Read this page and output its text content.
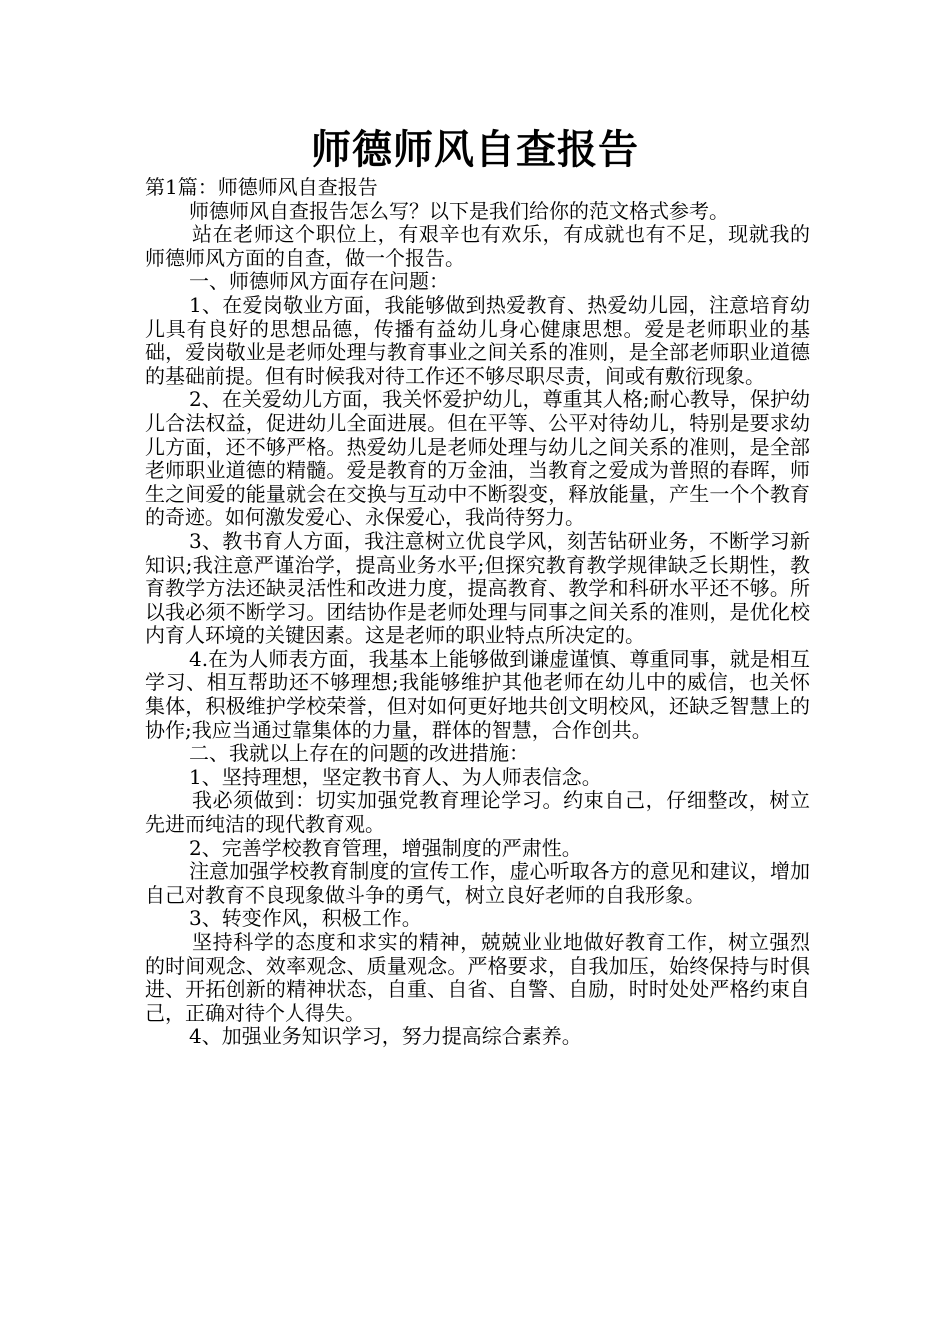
师德师风自查报告

第1篇：师德师风自查报告

师德师风自查报告怎么写？以下是我们给你的范文格式参考。

站在老师这个职位上，有艰辛也有欢乐，有成就也有不足，现就我的师德师风方面的自查，做一个报告。

一、师德师风方面存在问题：

1、在爱岗敬业方面，我能够做到热爱教育、热爱幼儿园，注意培育幼儿具有良好的思想品德，传播有益幼儿身心健康思想。爱是老师职业的基础，爱岗敬业是老师处理与教育事业之间关系的准则，是全部老师职业道德的基础前提。但有时候我对待工作还不够尽职尽责，间或有敷衍现象。

2、在关爱幼儿方面，我关怀爱护幼儿，尊重其人格;耐心教导，保护幼儿合法权益，促进幼儿全面进展。但在平等、公平对待幼儿，特别是要求幼儿方面，还不够严格。热爱幼儿是老师处理与幼儿之间关系的准则，是全部老师职业道德的精髓。爱是教育的万金油，当教育之爱成为普照的春晖，师生之间爱的能量就会在交换与互动中不断裂变，释放能量，产生一个个教育的奇迹。如何激发爱心、永保爱心，我尚待努力。

3、教书育人方面，我注意树立优良学风，刻苦钻研业务，不断学习新知识;我注意严谨治学，提高业务水平;但探究教育教学规律缺乏长期性，教育教学方法还缺灵活性和改进力度，提高教育、教学和科研水平还不够。所以我必须不断学习。团结协作是老师处理与同事之间关系的准则，是优化校内育人环境的关键因素。这是老师的职业特点所决定的。

4.在为人师表方面，我基本上能够做到谦虚谨慎、尊重同事，就是相互学习、相互帮助还不够理想;我能够维护其他老师在幼儿中的威信，也关怀集体，积极维护学校荣誉，但对如何更好地共创文明校风，还缺乏智慧上的协作;我应当通过靠集体的力量，群体的智慧，合作创共。

二、我就以上存在的问题的改进措施：

1、坚持理想，坚定教书育人、为人师表信念。

我必须做到：切实加强党教育理论学习。约束自己，仔细整改，树立先进而纯洁的现代教育观。

2、完善学校教育管理，增强制度的严肃性。

注意加强学校教育制度的宣传工作，虚心听取各方的意见和建议，增加自己对教育不良现象做斗争的勇气，树立良好老师的自我形象。

3、转变作风，积极工作。

坚持科学的态度和求实的精神，兢兢业业地做好教育工作，树立强烈的时间观念、效率观念、质量观念。严格要求，自我加压，始终保持与时俱进、开拓创新的精神状态，自重、自省、自警、自励，时时处处严格约束自己，正确对待个人得失。

4、加强业务知识学习，努力提高综合素养。
